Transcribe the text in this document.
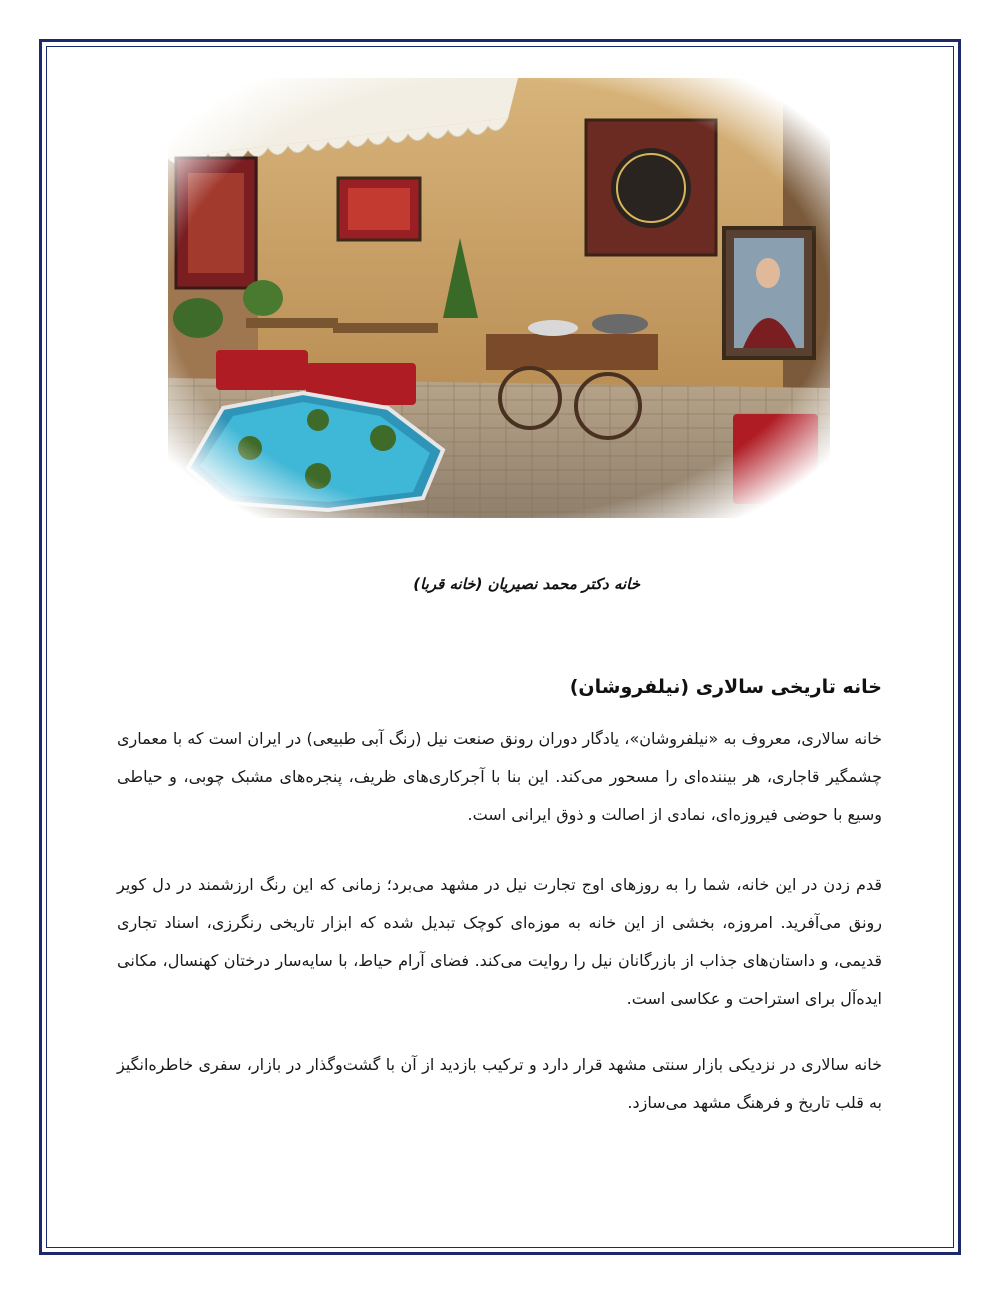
خانه دکتر محمد نصیریان (خانه قربا)
خانه تاریخی سالاری (نیلفروشان)

خانه سالاری، معروف به «نیلفروشان»، یادگار دوران رونق صنعت نیل (رنگ آبی طبیعی) در ایران است که با معماری چشمگیر قاجاری، هر بیننده‌ای را مسحور می‌کند. این بنا با آجرکاری‌های ظریف، پنجره‌های مشبک چوبی، و حیاطی وسیع با حوضی فیروزه‌ای، نمادی از اصالت و ذوق ایرانی است.

قدم زدن در این خانه، شما را به روزهای اوج تجارت نیل در مشهد می‌برد؛ زمانی که این رنگ ارزشمند در دل کویر رونق می‌آفرید. امروزه، بخشی از این خانه به موزه‌ای کوچک تبدیل شده که ابزار تاریخی رنگرزی، اسناد تجاری قدیمی، و داستان‌های جذاب از بازرگانان نیل را روایت می‌کند. فضای آرام حیاط، با سایه‌سار درختان کهنسال، مکانی ایده‌آل برای استراحت و عکاسی است.

خانه سالاری در نزدیکی بازار سنتی مشهد قرار دارد و ترکیب بازدید از آن با گشت‌وگذار در بازار، سفری خاطره‌انگیز به قلب تاریخ و فرهنگ مشهد می‌سازد.
